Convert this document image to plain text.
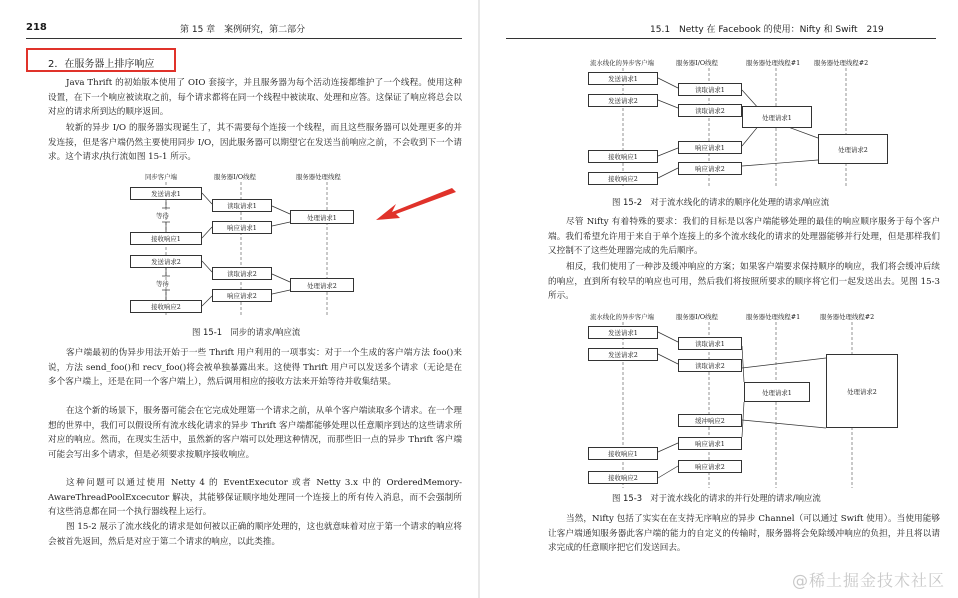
218	第 15 章　案例研究，第二部分
2．在服务器上排序响应
Java Thrift 的初始版本使用了 OIO 套接字，并且服务器为每个活动连接都维护了一个线程。使用这种设置，在下一个响应被读取之前，每个请求都将在同一个线程中被读取、处理和应答。这保证了响应将总会以对应的请求所到达的顺序返回。
较新的异步 I/O 的服务器实现诞生了，其不需要每个连接一个线程，而且这些服务器可以处理更多的并发连接，但是客户端仍然主要使用同步 I/O，因此服务器可以期望它在发送当前响应之前，不会收到下一个请求。这个请求/执行流如图 15-1 所示。
同步客户端	服务器I/O线程	服务器处理线程
发送请求1
等待
接收响应1
发送请求2
等待
接收响应2
读取请求1
响应请求1
读取请求2
响应请求2
处理请求1
处理请求2
图 15-1　同步的请求/响应流
客户端最初的伪异步用法开始于一些 Thrift 用户利用的一项事实：对于一个生成的客户端方法 foo()来说，方法 send_foo()和 recv_foo()将会被单独暴露出来。这使得 Thrift 用户可以发送多个请求（无论是在多个客户端上，还是在同一个客户端上），然后调用相应的接收方法来开始等待并收集结果。
在这个新的场景下，服务器可能会在它完成处理第一个请求之前，从单个客户端读取多个请求。在一个理想的世界中，我们可以假设所有流水线化请求的异步 Thrift 客户端都能够处理以任意顺序到达的这些请求所对应的响应。然而，在现实生活中，虽然新的客户端可以处理这种情况，而那些旧一点的异步 Thrift 客户端可能会写出多个请求，但是必须要求按顺序接收响应。
这种问题可以通过使用 Netty 4 的 EventExecutor 或者 Netty 3.x 中的 OrderedMemory-AwareThreadPoolExcecutor 解决，其能够保证顺序地处理同一个连接上的所有传入消息，而不会强制所有这些消息都在同一个执行器线程上运行。
图 15-2 展示了流水线化的请求是如何被以正确的顺序处理的，这也就意味着对应于第一个请求的响应将会被首先返回，然后是对应于第二个请求的响应，以此类推。
15.1　Netty 在 Facebook 的使用：Nifty 和 Swift　219
流水线化的异步客户端	服务器I/O线程	服务器处理线程#1 服务器处理线程#2
发送请求1
发送请求2
接收响应1
接收响应2
读取请求1
读取请求2
响应请求1
响应请求2
处理请求1
处理请求2
图 15-2　对于流水线化的请求的顺序化处理的请求/响应流
尽管 Nifty 有着特殊的要求：我们的目标是以客户端能够处理的最佳的响应顺序服务于每个客户端。我们希望允许用于来自于单个连接上的多个流水线化的请求的处理器能够并行处理，但是那样我们又控制不了这些处理器完成的先后顺序。
相反，我们使用了一种涉及缓冲响应的方案；如果客户端要求保持顺序的响应，我们将会缓冲后续的响应，直到所有较早的响应也可用，然后我们将按照所要求的顺序将它们一起发送出去。见图 15-3 所示。
流水线化的异步客户端	服务器I/O线程	服务器处理线程#1	服务器处理线程#2
发送请求1
发送请求2
接收响应1
接收响应2
读取请求1
读取请求2
缓冲响应2
响应请求1
响应请求2
处理请求1	处理请求2
图 15-3　对于流水线化的请求的并行处理的请求/响应流
当然，Nifty 包括了实实在在支持无序响应的异步 Channel（可以通过 Swift 使用）。当使用能够让客户端通知服务器此客户端的能力的自定义的传输时，服务器将会免除缓冲响应的负担，并且将以请求完成的任意顺序把它们发送回去。
@稀土掘金技术社区
